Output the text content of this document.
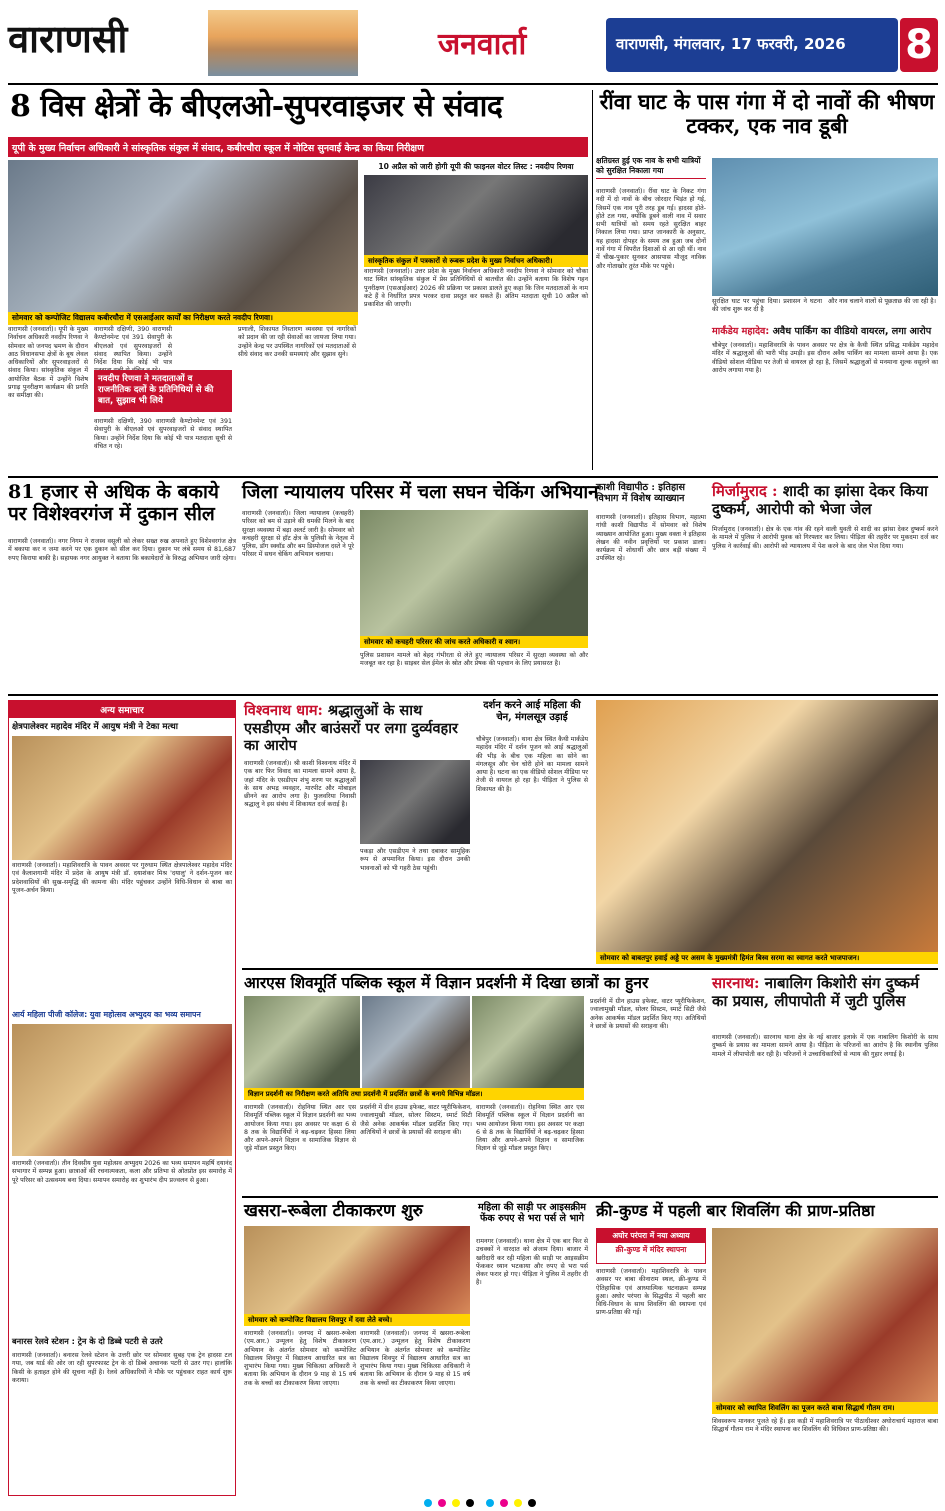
वाराणसी	जनवार्ता	वाराणसी, मंगलवार, 17 फरवरी, 2026	8
8 विस क्षेत्रों के बीएलओ-सुपरवाइजर से संवाद
यूपी के मुख्य निर्वाचन अधिकारी ने सांस्कृतिक संकुल में संवाद, कबीरचौरा स्कूल में नोटिस सुनवाई केन्द्र का किया निरीक्षण
सोमवार को कम्पोजिट विद्यालय कबीरचौरा में एसआईआर कार्यों का निरीक्षण करते नवदीप रिणवा।
10 अप्रैल को जारी होगी यूपी की फाइनल वोटर लिस्ट : नवदीप रिणवा
सांस्कृतिक संकुल में पत्रकारों से रूबरू प्रदेश के मुख्य निर्वाचन अधिकारी।
वाराणसी (जनवार्ता)। यूपी के मुख्य निर्वाचन अधिकारी नवदीप रिणवा ने सोमवार को जनपद भ्रमण के दौरान आठ विधानसभा क्षेत्रों के बूथ लेवल अधिकारियों और सुपरवाइजरों से संवाद किया। सांस्कृतिक संकुल में आयोजित बैठक में उन्होंने विशेष प्रगाढ़ पुनरीक्षण कार्यक्रम की प्रगति का समीक्षा की।
वाराणसी दक्षिणी, 390 वाराणसी कैण्टोनमेन्ट एवं 391 सेवापुरी के बीएलओ एवं सुपरवाइजरों से संवाद स्थापित किया। उन्होंने निर्देश दिया कि कोई भी पात्र
नवदीप रिणवा ने मतदाताओं व राजनीतिक दलों के प्रतिनिधियों से की बात, सुझाव भी लिये
वाराणसी दक्षिणी, 390 वाराणसी कैण्टोनमेन्ट एवं 391 सेवापुरी के बीएलओ एवं सुपरवाइजरों से संवाद स्थापित किया। उन्होंने निर्देश दिया कि कोई भी पात्र मतदाता सूची से वंचित न रहे।
प्रणाली, शिकायत निस्तारण व्यवस्था एवं नागरिकों को प्रदान की जा रही सेवाओं का जायजा लिया गया। उन्होंने केन्द्र पर उपस्थित नागरिकों एवं मतदाताओं से सीधे संवाद कर उनकी समस्याएं और सुझाव सुने।
वाराणसी (जनवार्ता)। उत्तर प्रदेश के मुख्य निर्वाचन अधिकारी नवदीप रिणवा ने सोमवार को चौका घाट स्थित सांस्कृतिक संकुल में प्रेस प्रतिनिधियों से बातचीत की। उन्होंने बताया कि विशेष गहन पुनरीक्षण (एसआईआर) 2026 की प्रक्रिया पर प्रकाश डालते हुए कहा कि जिन मतदाताओं के नाम कटे हैं वे निर्धारित प्रपत्र भरकर दावा प्रस्तुत कर सकते हैं। अंतिम मतदाता सूची 10 अप्रैल को प्रकाशित की जाएगी।
रींवा घाट के पास गंगा में दो नावों की भीषण टक्कर, एक नाव डूबी
क्षतिग्रस्त हुई एक नाव के सभी यात्रियों को सुरक्षित निकाला गया
वाराणसी (जनवार्ता)। रींवा घाट के निकट गंगा नदी में दो नावों के बीच जोरदार भिड़ंत हो गई, जिसमें एक नाव पूरी तरह डूब गई। हादसा होते-होते टल गया, क्योंकि डूबने वाली नाव में सवार सभी यात्रियों को समय रहते सुरक्षित बाहर निकाल लिया गया। प्राप्त जानकारी के अनुसार, यह हादसा दोपहर के समय तब हुआ जब दोनों नावें गंगा में विपरीत दिशाओं से आ रही थीं। नाव में चीख-पुकार सुनकर आसपास मौजूद नाविक और गोताखोर तुरंत मौके पर पहुंचे।
सुरक्षित घाट पर पहुंचा दिया। प्रशासन ने घटना की जांच शुरू कर दी है
और नाव चलाने वालों से पूछताछ की जा रही है।
मार्कंडेय महादेव: अवैध पार्किंग का वीडियो वायरल, लगा आरोप
चौबेपुर (जनवार्ता)। महाशिवरात्रि के पावन अवसर पर क्षेत्र के कैथी स्थित प्रसिद्ध मार्कंडेय महादेव मंदिर में श्रद्धालुओं की भारी भीड़ उमड़ी। इस दौरान अवैध पार्किंग का मामला सामने आया है। एक वीडियो सोशल मीडिया पर तेजी से वायरल हो रहा है, जिसमें श्रद्धालुओं से मनमाना शुल्क वसूलने का आरोप लगाया गया है।
81 हजार से अधिक के बकाये पर विशेश्वरगंज में दुकान सील
वाराणसी (जनवार्ता)। नगर निगम ने राजस्व वसूली को लेकर सख्त रुख अपनाते हुए विशेश्वरगंज क्षेत्र में बकाया कर न जमा करने पर एक दुकान को सील कर दिया। दुकान पर लंबे समय से 81,687 रुपए किराया बाकी है। सहायक नगर आयुक्त ने बताया कि बकायेदारों के विरुद्ध अभियान जारी रहेगा।
जिला न्यायालय परिसर में चला सघन चेकिंग अभियान
वाराणसी (जनवार्ता)। जिला न्यायालय (कचहरी) परिसर को बम से उड़ाने की धमकी मिलने के बाद सुरक्षा व्यवस्था में बढ़ा अलर्ट जारी है। सोमवार को कचहरी सुरक्षा से हॉट क्षेत्र के पुलिसी के नेतृत्व में पुलिस, डॉग स्क्वॉड और बम डिस्पोजल दस्ते ने पूरे परिसर में सघन चेकिंग अभियान चलाया।
सोमवार को कचहरी परिसर की जांच करते अधिकारी व श्वान।
पुलिस प्रशासन मामले को बेहद गंभीरता से लेते हुए न्यायालय परिसर में सुरक्षा व्यवस्था को और मजबूत कर रहा है। साइबर सेल ईमेल के स्रोत और प्रेषक की पहचान के लिए प्रयासरत है।
काशी विद्यापीठ : इतिहास विभाग में विशेष व्याख्यान
वाराणसी (जनवार्ता)। इतिहास विभाग, महात्मा गांधी काशी विद्यापीठ में सोमवार को विशेष व्याख्यान आयोजित हुआ। मुख्य वक्ता ने इतिहास लेखन की नवीन प्रवृत्तियों पर प्रकाश डाला। कार्यक्रम में शोधार्थी और छात्र बड़ी संख्या में उपस्थित रहे।
मिर्जामुराद : शादी का झांसा देकर किया दुष्कर्म, आरोपी को भेजा जेल
मिर्जामुराद (जनवार्ता)। क्षेत्र के एक गांव की रहने वाली युवती से शादी का झांसा देकर दुष्कर्म करने के मामले में पुलिस ने आरोपी युवक को गिरफ्तार कर लिया। पीड़िता की तहरीर पर मुकदमा दर्ज कर पुलिस ने कार्रवाई की। आरोपी को न्यायालय में पेश करने के बाद जेल भेज दिया गया।
अन्य समाचार
क्षेत्रपालेश्वर महादेव मंदिर में आयुष मंत्री ने टेका मत्था
वाराणसी (जनवार्ता)। महाशिवरात्रि के पावन अवसर पर गुरुधाम स्थित क्षेत्रपालेश्वर महादेव मंदिर एवं कैलाशगामी मंदिर में प्रदेश के आयुष मंत्री डॉ. दयाशंकर मिश्र 'दयालु' ने दर्शन-पूजन कर प्रदेशवासियों की सुख-समृद्धि की कामना की। मंदिर पहुंचकर उन्होंने विधि-विधान से बाबा का पूजन-अर्चन किया।
आर्य महिला पीजी कॉलेज: युवा महोत्सव अभ्युदय का भव्य समापन
वाराणसी (जनवार्ता)। तीन दिवसीय युवा महोत्सव अभ्युदय 2026 का भव्य समापन महर्षि दयानंद सभागार में सम्पन्न हुआ। छात्राओं की रचनात्मकता, कला और प्रतिभा से ओतप्रोत इस समारोह में पूरे परिसर को उत्सवमय बना दिया। समापन समारोह का शुभारंभ दीप प्रज्वलन से हुआ।
बनारस रेलवे स्टेशन : ट्रेन के दो डिब्बे पटरी से उतरे
वाराणसी (जनवार्ता)। बनारस रेलवे स्टेशन के उत्तरी छोर पर सोमवार सुबह एक ट्रेन हादसा टल गया, जब यार्ड की ओर जा रही सुपरफास्ट ट्रेन के दो डिब्बे अचानक पटरी से उतर गए। हालांकि किसी के हताहत होने की सूचना नहीं है। रेलवे अधिकारियों ने मौके पर पहुंचकर राहत कार्य शुरू कराया।
विश्वनाथ धाम: श्रद्धालुओं के साथ एसडीएम और बाउंसरों पर लगा दुर्व्यवहार का आरोप
वाराणसी (जनवार्ता)। श्री काशी विश्वनाथ मंदिर में एक बार फिर विवाद का मामला सामने आया है, जहां मंदिर के एसडीएम शंभु शरण पर श्रद्धालुओं के साथ अभद्र व्यवहार, मारपीट और मोबाइल छीनने का आरोप लगा है। फुलवरिया निवासी श्रद्धालु ने इस संबंध में शिकायत दर्ज कराई है।
पकड़ा और एसडीएम ने तथा दबाकर सामूहिक रूप से अपमानित किया। इस दौरान उनकी भावनाओं को भी गहरी ठेस पहुंची।
दर्शन करने आई महिला की चेन, मंगलसूत्र उड़ाई
चौबेपुर (जनवार्ता)। थाना क्षेत्र स्थित कैथी मार्कंडेय महादेव मंदिर में दर्शन पूजन को आई श्रद्धालुओं की भीड़ के बीच एक महिला का सोने का मंगलसूत्र और चेन चोरी होने का मामला सामने आया है। घटना का एक वीडियो सोशल मीडिया पर तेजी से वायरल हो रहा है। पीड़िता ने पुलिस से शिकायत की है।
सोमवार को बाबतपुर हवाई अड्डे पर असम के मुख्यमंत्री हिमंत बिस्व सरमा का स्वागत करते भाजपाजन।
आरएस शिवमूर्ति पब्लिक स्कूल में विज्ञान प्रदर्शनी में दिखा छात्रों का हुनर
विज्ञान प्रदर्शनी का निरीक्षण करते अतिथि तथा प्रदर्शनी में प्रदर्शित छात्रों के बनाये विभिन्न मॉडल।
वाराणसी (जनवार्ता)। रोहनिया स्थित आर एस शिवमूर्ति पब्लिक स्कूल में विज्ञान प्रदर्शनी का भव्य आयोजन किया गया। इस अवसर पर कक्षा 6 से 8 तक के विद्यार्थियों ने बढ़-चढ़कर हिस्सा लिया और अपने-अपने विज्ञान व सामाजिक विज्ञान से जुड़े मॉडल प्रस्तुत किए।
प्रदर्शनी में ग्रीन हाउस इफेक्ट, वाटर प्यूरीफिकेशन, ज्वालामुखी मॉडल, सोलर सिस्टम, स्मार्ट सिटी जैसे अनेक आकर्षक मॉडल प्रदर्शित किए गए। अतिथियों ने छात्रों के प्रयासों की सराहना की।
वाराणसी (जनवार्ता)। रोहनिया स्थित आर एस शिवमूर्ति पब्लिक स्कूल में विज्ञान प्रदर्शनी का भव्य आयोजन किया गया। इस अवसर पर कक्षा 6 से 8 तक के विद्यार्थियों ने बढ़-चढ़कर हिस्सा लिया और अपने-अपने विज्ञान व सामाजिक विज्ञान से जुड़े मॉडल प्रस्तुत किए।
प्रदर्शनी में ग्रीन हाउस इफेक्ट, वाटर प्यूरीफिकेशन, ज्वालामुखी मॉडल, सोलर सिस्टम, स्मार्ट सिटी जैसे अनेक आकर्षक मॉडल प्रदर्शित किए गए। अतिथियों ने छात्रों के प्रयासों की सराहना की।
सारनाथ: नाबालिग किशोरी संग दुष्कर्म का प्रयास, लीपापोती में जुटी पुलिस
वाराणसी (जनवार्ता)। सारनाथ थाना क्षेत्र के नई बाजार इलाके में एक नाबालिग किशोरी के साथ दुष्कर्म के प्रयास का मामला सामने आया है। पीड़िता के परिजनों का आरोप है कि स्थानीय पुलिस मामले में लीपापोती कर रही है। परिजनों ने उच्चाधिकारियों से न्याय की गुहार लगाई है।
खसरा-रूबेला टीकाकरण शुरु
सोमवार को कम्पोजिट विद्यालय शिवपुर में दवा लेते बच्चे।
वाराणसी (जनवार्ता)। जनपद में खसरा-रूबेला (एम.आर.) उन्मूलन हेतु विशेष टीकाकरण अभियान के अंतर्गत सोमवार को कम्पोजिट विद्यालय शिवपुर में विद्यालय आधारित सत्र का शुभारंभ किया गया। मुख्य चिकित्सा अधिकारी ने बताया कि अभियान के दौरान 9 माह से 15 वर्ष तक के बच्चों का टीकाकरण किया जाएगा।
वाराणसी (जनवार्ता)। जनपद में खसरा-रूबेला (एम.आर.) उन्मूलन हेतु विशेष टीकाकरण अभियान के अंतर्गत सोमवार को कम्पोजिट विद्यालय शिवपुर में विद्यालय आधारित सत्र का शुभारंभ किया गया। मुख्य चिकित्सा अधिकारी ने बताया कि अभियान के दौरान 9 माह से 15 वर्ष तक के बच्चों का टीकाकरण किया जाएगा।
महिला की साड़ी पर आइसक्रीम फेंक रुपए से भरा पर्स ले भागे
रामनगर (जनवार्ता)। थाना क्षेत्र में एक बार फिर से उचक्कों ने वारदात को अंजाम दिया। बाजार में खरीदारी कर रही महिला की साड़ी पर आइसक्रीम फेंककर ध्यान भटकाया और रुपए से भरा पर्स लेकर फरार हो गए। पीड़िता ने पुलिस में तहरीर दी है।
क्री-कुण्ड में पहली बार शिवलिंग की प्राण-प्रतिष्ठा
अघोर परंपरा में नया अध्याय
क्री-कुण्ड में मंदिर स्थापना
वाराणसी (जनवार्ता)। महाशिवरात्रि के पावन अवसर पर बाबा कीनाराम स्थल, क्री-कुण्ड में ऐतिहासिक एवं आध्यात्मिक घटनाक्रम सम्पन्न हुआ। अघोर परंपरा के सिद्धपीठ में पहली बार विधि-विधान के साथ शिवलिंग की स्थापना एवं प्राण-प्रतिष्ठा की गई।
सोमवार को स्थापित शिवलिंग का पूजन करते बाबा सिद्धार्थ गौतम राम।
शिवस्वरूप मानकर पूजते रहे हैं। इस कड़ी में महाशिवरात्रि पर पीठाधीश्वर अघोराचार्य महाराज बाबा सिद्धार्थ गौतम राम ने मंदिर स्थापना कर शिवलिंग की विधिवत प्राण-प्रतिष्ठा की।
